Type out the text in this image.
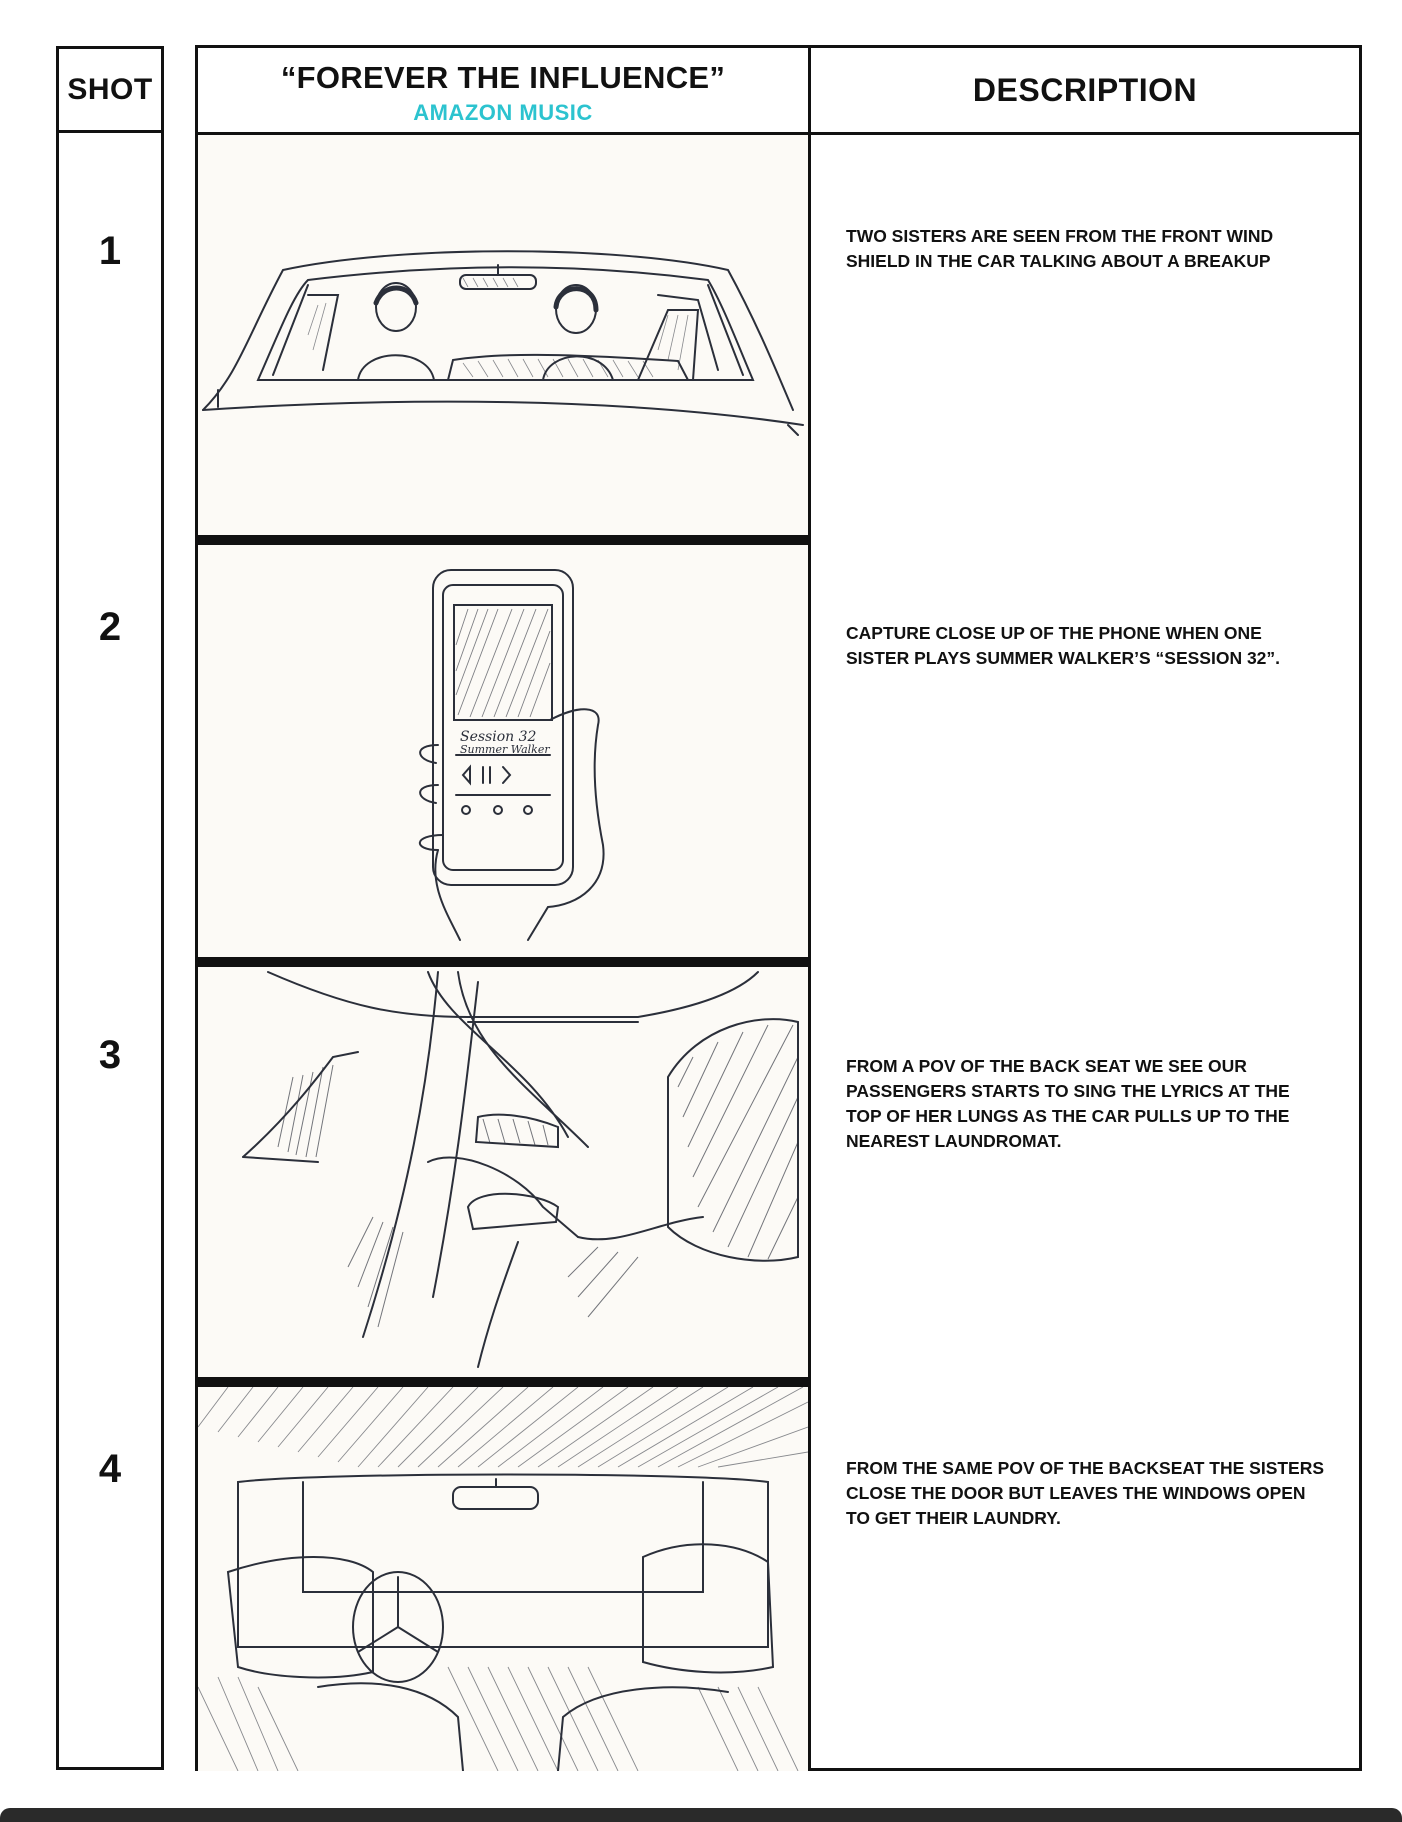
SHOT
1
2
3
4
“FOREVER THE INFLUENCE”
AMAZON MUSIC
DESCRIPTION
Session 32
Summer Walker
TWO SISTERS ARE SEEN FROM THE FRONT WIND SHIELD IN THE CAR TALKING ABOUT A BREAKUP
CAPTURE CLOSE UP OF THE PHONE WHEN ONE SISTER PLAYS SUMMER WALKER’S “SESSION 32”.
FROM A POV OF THE BACK SEAT WE SEE OUR PASSENGERS STARTS TO SING THE LYRICS AT THE TOP OF HER LUNGS AS THE CAR PULLS UP TO THE NEAREST LAUNDROMAT.
FROM THE SAME POV OF THE BACKSEAT THE SISTERS CLOSE THE DOOR BUT LEAVES THE WINDOWS OPEN TO GET THEIR LAUNDRY.
